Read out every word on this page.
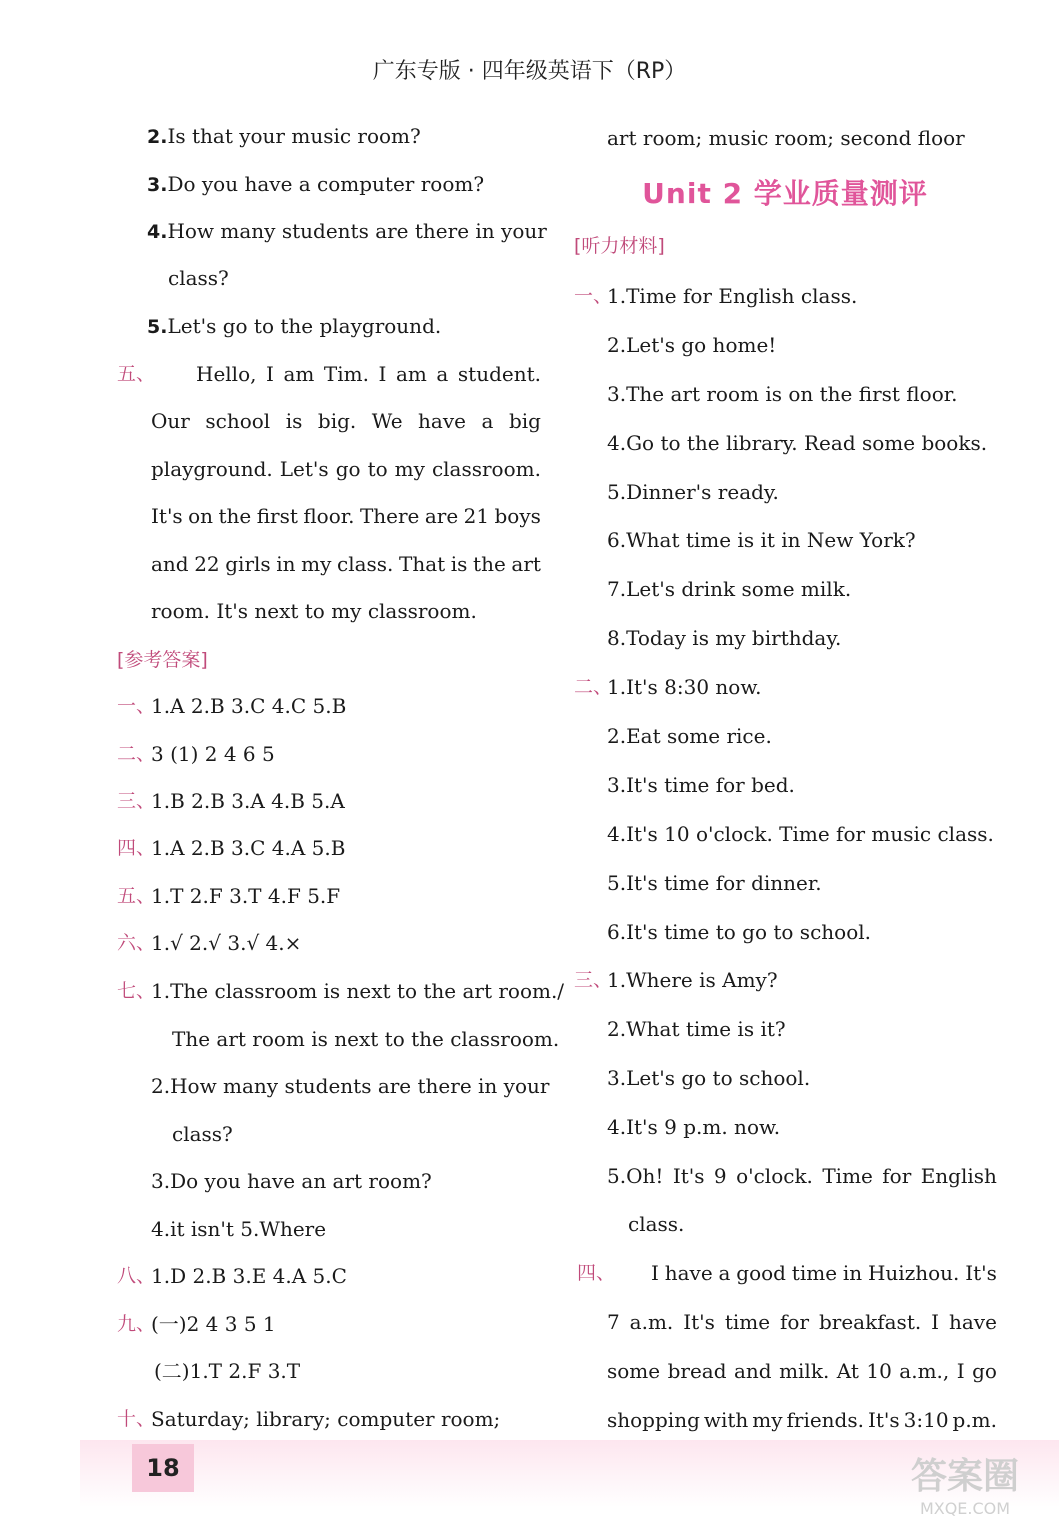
广东专版 · 四年级英语下（RP）
2.Is that your music room?
3.Do you have a computer room?
4.How many students are there in your
class?
5.Let's go to the playground.
五、 Hello, I am Tim. I am a student.
Our school is big. We have a big
playground. Let's go to my classroom.
It's on the first floor. There are 21 boys
and 22 girls in my class. That is the art
room. It's next to my classroom.
[参考答案]
一、
1.A 2.B 3.C 4.C 5.B
二、
3 (1) 2 4 6 5
三、
1.B 2.B 3.A 4.B 5.A
四、
1.A 2.B 3.C 4.A 5.B
五、
1.T 2.F 3.T 4.F 5.F
六、
1.√ 2.√ 3.√ 4.×
七、
1.The classroom is next to the art room./
The art room is next to the classroom.
2.How many students are there in your
class?
3.Do you have an art room?
4.it isn't 5.Where
八、
1.D 2.B 3.E 4.A 5.C
九、
(一)2 4 3 5 1
(二)1.T 2.F 3.T
十、
Saturday; library; computer room;
art room; music room; second floor
Unit 2 学业质量测评
[听力材料]
一、
1.Time for English class.
2.Let's go home!
3.The art room is on the first floor.
4.Go to the library. Read some books.
5.Dinner's ready.
6.What time is it in New York?
7.Let's drink some milk.
8.Today is my birthday.
二、
1.It's 8:30 now.
2.Eat some rice.
3.It's time for bed.
4.It's 10 o'clock. Time for music class.
5.It's time for dinner.
6.It's time to go to school.
三、
1.Where is Amy?
2.What time is it?
3.Let's go to school.
4.It's 9 p.m. now.
5.Oh! It's 9 o'clock. Time for English
class.
四、 I have a good time in Huizhou. It's
7 a.m. It's time for breakfast. I have
some bread and milk. At 10 a.m., I go
shopping with my friends. It's 3:10 p.m.
18	答案圈
MXQE.COM
